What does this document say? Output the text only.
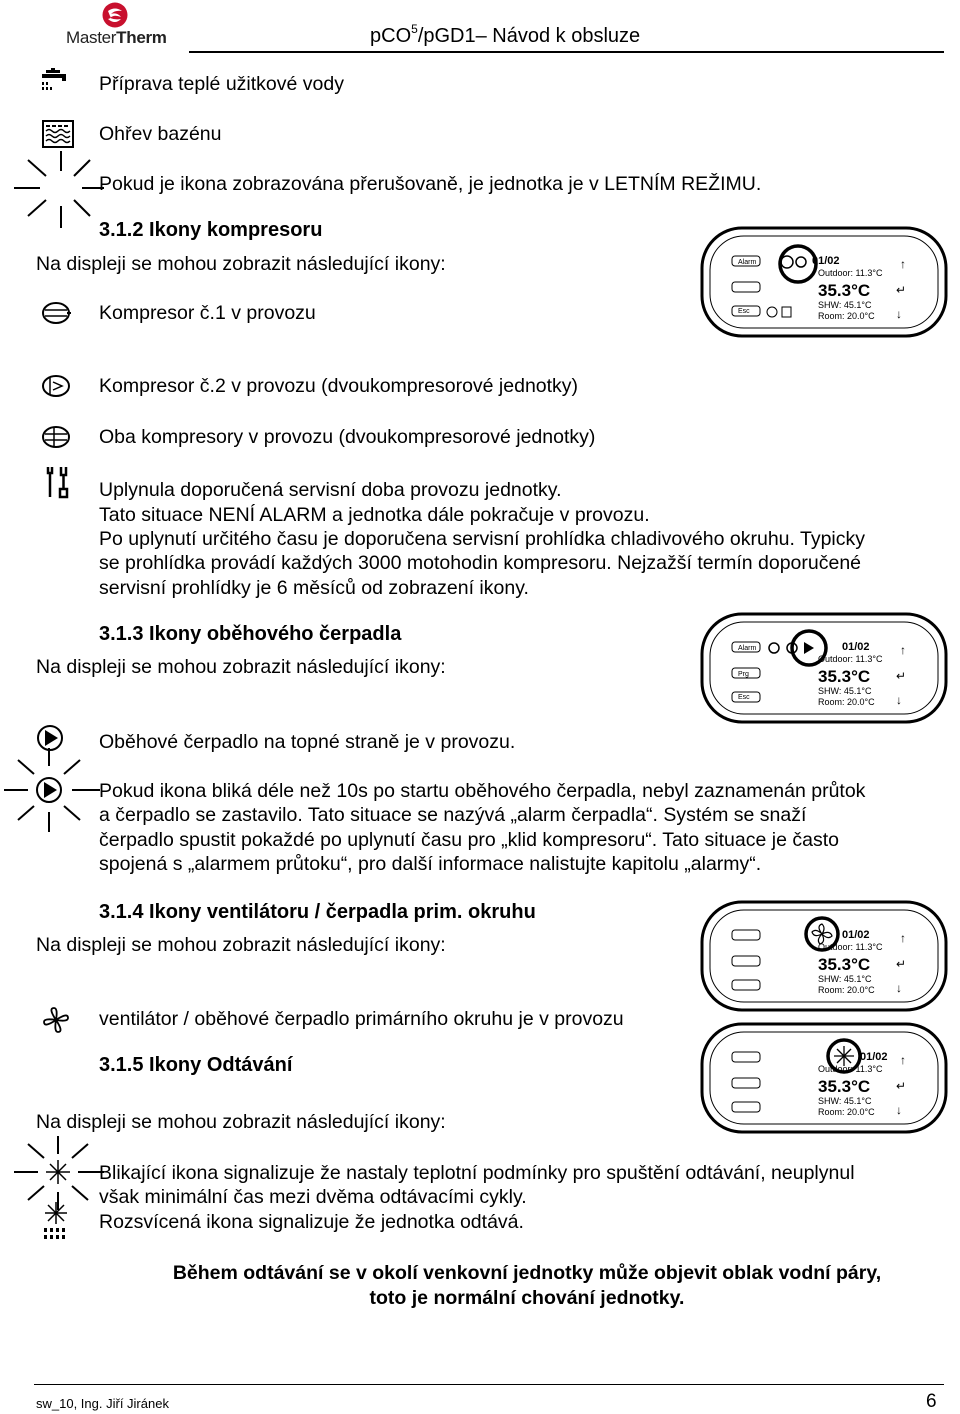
MasterTherm	pCO$^5$/pGD1– Návod k obsluze
Příprava teplé užitkové vody
Ohřev bazénu
Pokud je ikona zobrazována přerušovaně, je jednotka je v LETNÍM REŽIMU.
3.1.2 Ikony kompresoru
Na displeji se mohou zobrazit následující ikony:	Alarm
Esc
01/02
Outdoor: 11.3°C
35.3°C
SHW: 45.1°C
Room: 20.0°C
↑
↵
↓
Kompresor č.1 v provozu
Kompresor č.2 v provozu (dvoukompresorové jednotky)
Oba kompresory v provozu (dvoukompresorové jednotky)
Uplynula doporučená servisní doba provozu jednotky.
Tato situace NENÍ ALARM a jednotka dále pokračuje v provozu.
Po uplynutí určitého času je doporučena servisní prohlídka chladivového okruhu. Typicky
se prohlídka provádí každých 3000 motohodin kompresoru. Nejzažší termín doporučené
servisní prohlídky je 6 měsíců od zobrazení ikony.
3.1.3 Ikony oběhového čerpadla
Na displeji se mohou zobrazit následující ikony:
Alarm
Prg
Esc
01/02
Outdoor: 11.3°C
35.3°C
SHW: 45.1°C
Room: 20.0°C
↑
↵
↓
Oběhové čerpadlo na topné straně je v provozu.
Pokud ikona bliká déle než 10s po startu oběhového čerpadla, nebyl zaznamenán průtok
a čerpadlo se zastavilo. Tato situace se nazývá „alarm čerpadla“. Systém se snaží
čerpadlo spustit pokaždé po uplynutí času pro „klid kompresoru“. Tato situace je často
spojená s „alarmem průtoku“, pro další informace nalistujte kapitolu „alarmy“.
3.1.4 Ikony ventilátoru / čerpadla prim. okruhu
Na displeji se mohou zobrazit následující ikony:	01/02
Outdoor: 11.3°C
35.3°C
SHW: 45.1°C
Room: 20.0°C
↑
↵
↓
ventilátor / oběhové čerpadlo primárního okruhu je v provozu
3.1.5 Ikony Odtávání	01/02
Outdoor: 11.3°C
35.3°C
SHW: 45.1°C
Room: 20.0°C
↑
↵
↓
Na displeji se mohou zobrazit následující ikony:
Blikající ikona signalizuje že nastaly teplotní podmínky pro spuštění odtávání, neuplynul
však minimální čas mezi dvěma odtávacími cykly.
Rozsvícená ikona signalizuje že jednotka odtává.
Během odtávání se v okolí venkovní jednotky může objevit oblak vodní páry,
toto je normální chování jednotky.
sw_10, Ing. Jiří Jiránek	6
